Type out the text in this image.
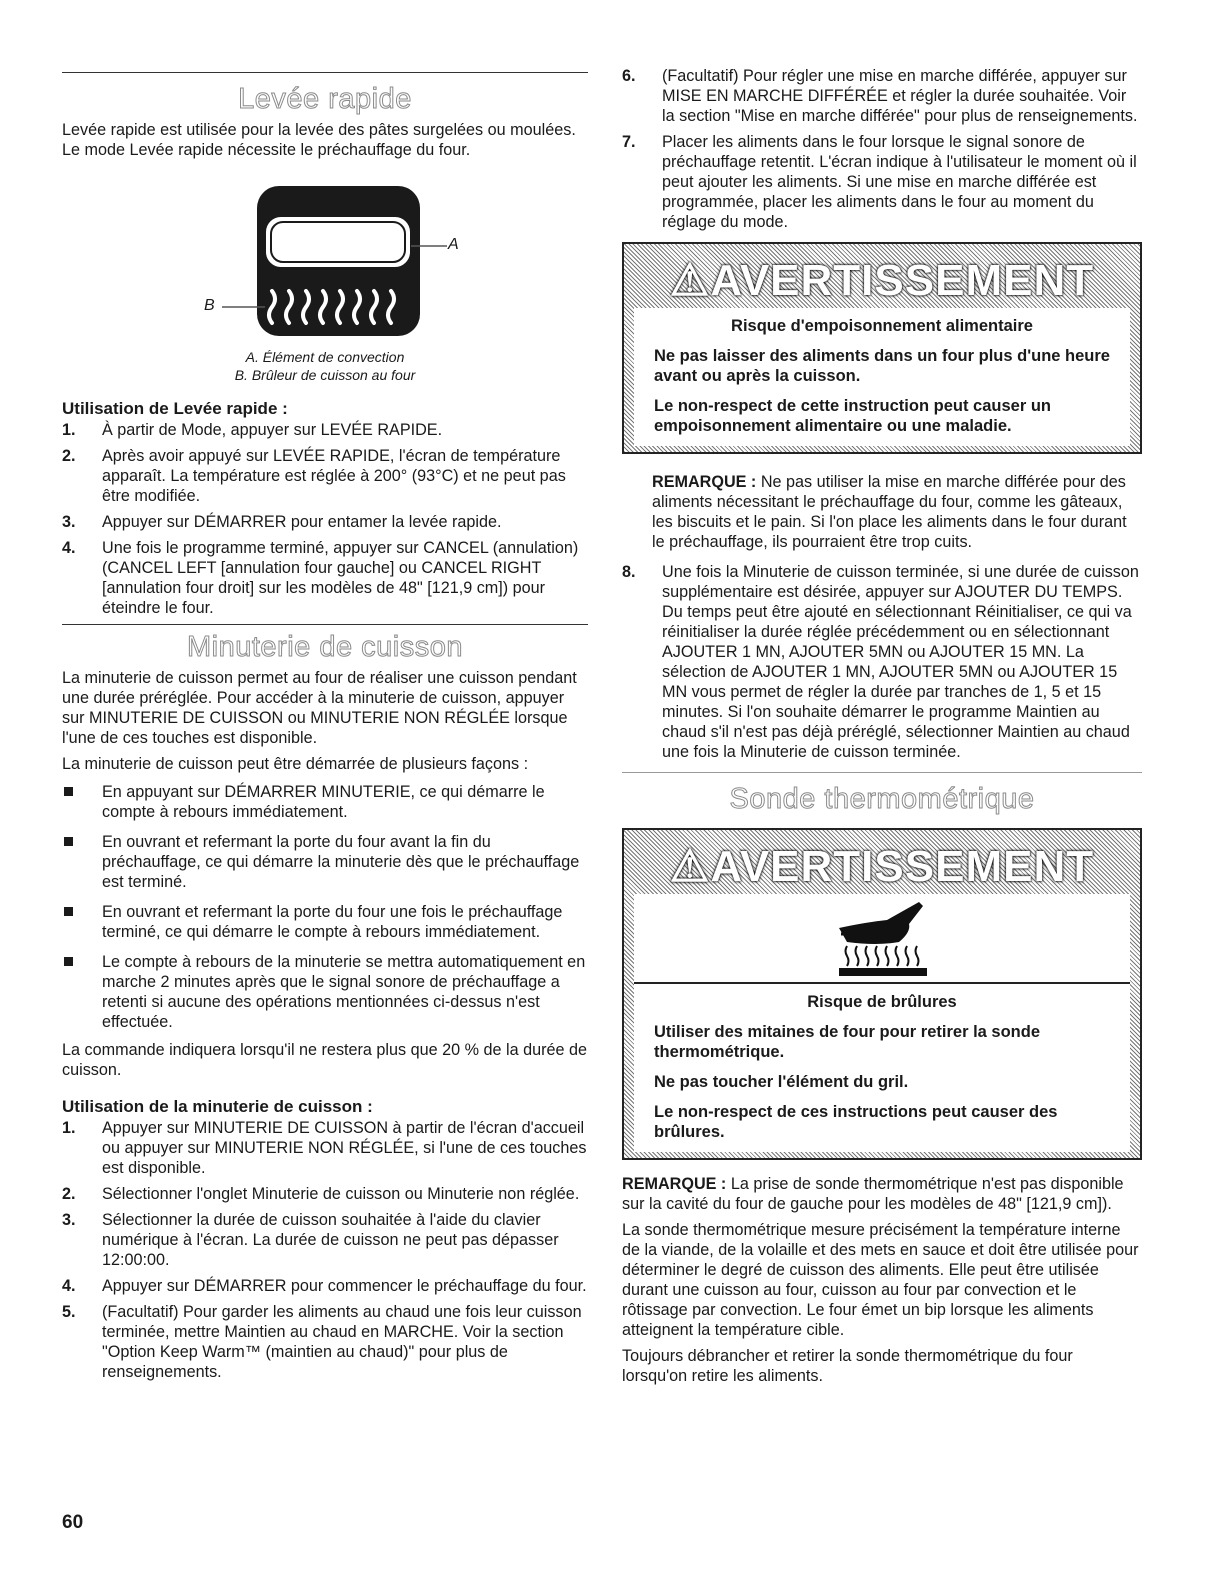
Levée rapide

Levée rapide est utilisée pour la levée des pâtes surgelées ou moulées. Le mode Levée rapide nécessite le préchauffage du four.

A
B
A. Élément de convection
B. Brûleur de cuisson au four
Utilisation de Levée rapide :
1. À partir de Mode, appuyer sur LEVÉE RAPIDE.
2. Après avoir appuyé sur LEVÉE RAPIDE, l'écran de température apparaît. La température est réglée à 200° (93°C) et ne peut pas être modifiée.
3. Appuyer sur DÉMARRER pour entamer la levée rapide.
4. Une fois le programme terminé, appuyer sur CANCEL (annulation) (CANCEL LEFT [annulation four gauche] ou CANCEL RIGHT [annulation four droit] sur les modèles de 48" [121,9 cm]) pour éteindre le four.
Minuterie de cuisson

La minuterie de cuisson permet au four de réaliser une cuisson pendant une durée préréglée. Pour accéder à la minuterie de cuisson, appuyer sur MINUTERIE DE CUISSON ou MINUTERIE NON RÉGLÉE lorsque l'une de ces touches est disponible.

La minuterie de cuisson peut être démarrée de plusieurs façons :

En appuyant sur DÉMARRER MINUTERIE, ce qui démarre le compte à rebours immédiatement.
En ouvrant et refermant la porte du four avant la fin du préchauffage, ce qui démarre la minuterie dès que le préchauffage est terminé.
En ouvrant et refermant la porte du four une fois le préchauffage terminé, ce qui démarre le compte à rebours immédiatement.
Le compte à rebours de la minuterie se mettra automatiquement en marche 2 minutes après que le signal sonore de préchauffage a retenti si aucune des opérations mentionnées ci-dessus n'est effectuée.

La commande indiquera lorsqu'il ne restera plus que 20 % de la durée de cuisson.

Utilisation de la minuterie de cuisson :
1. Appuyer sur MINUTERIE DE CUISSON à partir de l'écran d'accueil ou appuyer sur MINUTERIE NON RÉGLÉE, si l'une de ces touches est disponible.
2. Sélectionner l'onglet Minuterie de cuisson ou Minuterie non réglée.
3. Sélectionner la durée de cuisson souhaitée à l'aide du clavier numérique à l'écran. La durée de cuisson ne peut pas dépasser 12:00:00.
4. Appuyer sur DÉMARRER pour commencer le préchauffage du four.
5. (Facultatif) Pour garder les aliments au chaud une fois leur cuisson terminée, mettre Maintien au chaud en MARCHE. Voir la section "Option Keep Warm™ (maintien au chaud)" pour plus de renseignements.
6. (Facultatif) Pour régler une mise en marche différée, appuyer sur MISE EN MARCHE DIFFÉRÉE et régler la durée souhaitée. Voir la section "Mise en marche différée" pour plus de renseignements.
7. Placer les aliments dans le four lorsque le signal sonore de préchauffage retentit. L'écran indique à l'utilisateur le moment où il peut ajouter les aliments. Si une mise en marche différée est programmée, placer les aliments dans le four au moment du réglage du mode.
⚠AVERTISSEMENT

Risque d'empoisonnement alimentaire

Ne pas laisser des aliments dans un four plus d'une heure avant ou après la cuisson.

Le non-respect de cette instruction peut causer un empoisonnement alimentaire ou une maladie.

REMARQUE : Ne pas utiliser la mise en marche différée pour des aliments nécessitant le préchauffage du four, comme les gâteaux, les biscuits et le pain. Si l'on place les aliments dans le four durant le préchauffage, ils pourraient être trop cuits.

8. Une fois la Minuterie de cuisson terminée, si une durée de cuisson supplémentaire est désirée, appuyer sur AJOUTER DU TEMPS. Du temps peut être ajouté en sélectionnant Réinitialiser, ce qui va réinitialiser la durée réglée précédemment ou en sélectionnant AJOUTER 1 MN, AJOUTER 5MN ou AJOUTER 15 MN. La sélection de AJOUTER 1 MN, AJOUTER 5MN ou AJOUTER 15 MN vous permet de régler la durée par tranches de 1, 5 et 15 minutes. Si l'on souhaite démarrer le programme Maintien au chaud s'il n'est pas déjà préréglé, sélectionner Maintien au chaud une fois la Minuterie de cuisson terminée.
Sonde thermométrique
⚠AVERTISSEMENT

Risque de brûlures

Utiliser des mitaines de four pour retirer la sonde thermométrique.

Ne pas toucher l'élément du gril.

Le non-respect de ces instructions peut causer des brûlures.

REMARQUE : La prise de sonde thermométrique n'est pas disponible sur la cavité du four de gauche pour les modèles de 48" [121,9 cm]).

La sonde thermométrique mesure précisément la température interne de la viande, de la volaille et des mets en sauce et doit être utilisée pour déterminer le degré de cuisson des aliments. Elle peut être utilisée durant une cuisson au four, cuisson au four par convection et le rôtissage par convection. Le four émet un bip lorsque les aliments atteignent la température cible.

Toujours débrancher et retirer la sonde thermométrique du four lorsqu'on retire les aliments.

60
